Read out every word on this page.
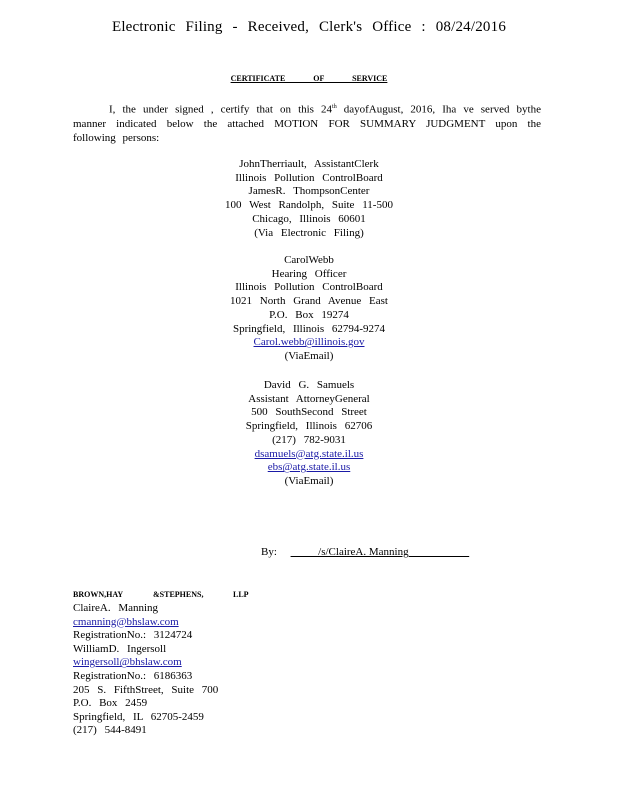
Electronic Filing - Received, Clerk's Office : 08/24/2016
CERTIFICATE OF SERVICE

I, the under signed , certify that on this 24th dayofAugust, 2016, Iha ve served bythe manner indicated below the attached MOTION FOR SUMMARY JUDGMENT upon the following persons:

JohnTherriault, AssistantClerk
Illinois Pollution ControlBoard
JamesR. ThompsonCenter
100 West Randolph, Suite 11-500
Chicago, Illinois 60601
(Via Electronic Filing)
CarolWebb
Hearing Officer
Illinois Pollution ControlBoard
1021 North Grand Avenue East
P.O. Box 19274
Springfield, Illinois 62794-9274
Carol.webb@illinois.gov
(ViaEmail)
David G. Samuels
Assistant AttorneyGeneral
500 SouthSecond Street
Springfield, Illinois 62706
(217) 782-9031
dsamuels@atg.state.il.us
ebs@atg.state.il.us
(ViaEmail)
By: _____/s/ClaireA. Manning___________
BROWN,HAY	&STEPHENS,	LLP
ClaireA. Manning
cmanning@bhslaw.com
RegistrationNo.: 3124724
WilliamD. Ingersoll
wingersoll@bhslaw.com
RegistrationNo.: 6186363
205 S. FifthStreet, Suite 700
P.O. Box 2459
Springfield, IL 62705-2459
(217) 544-8491
